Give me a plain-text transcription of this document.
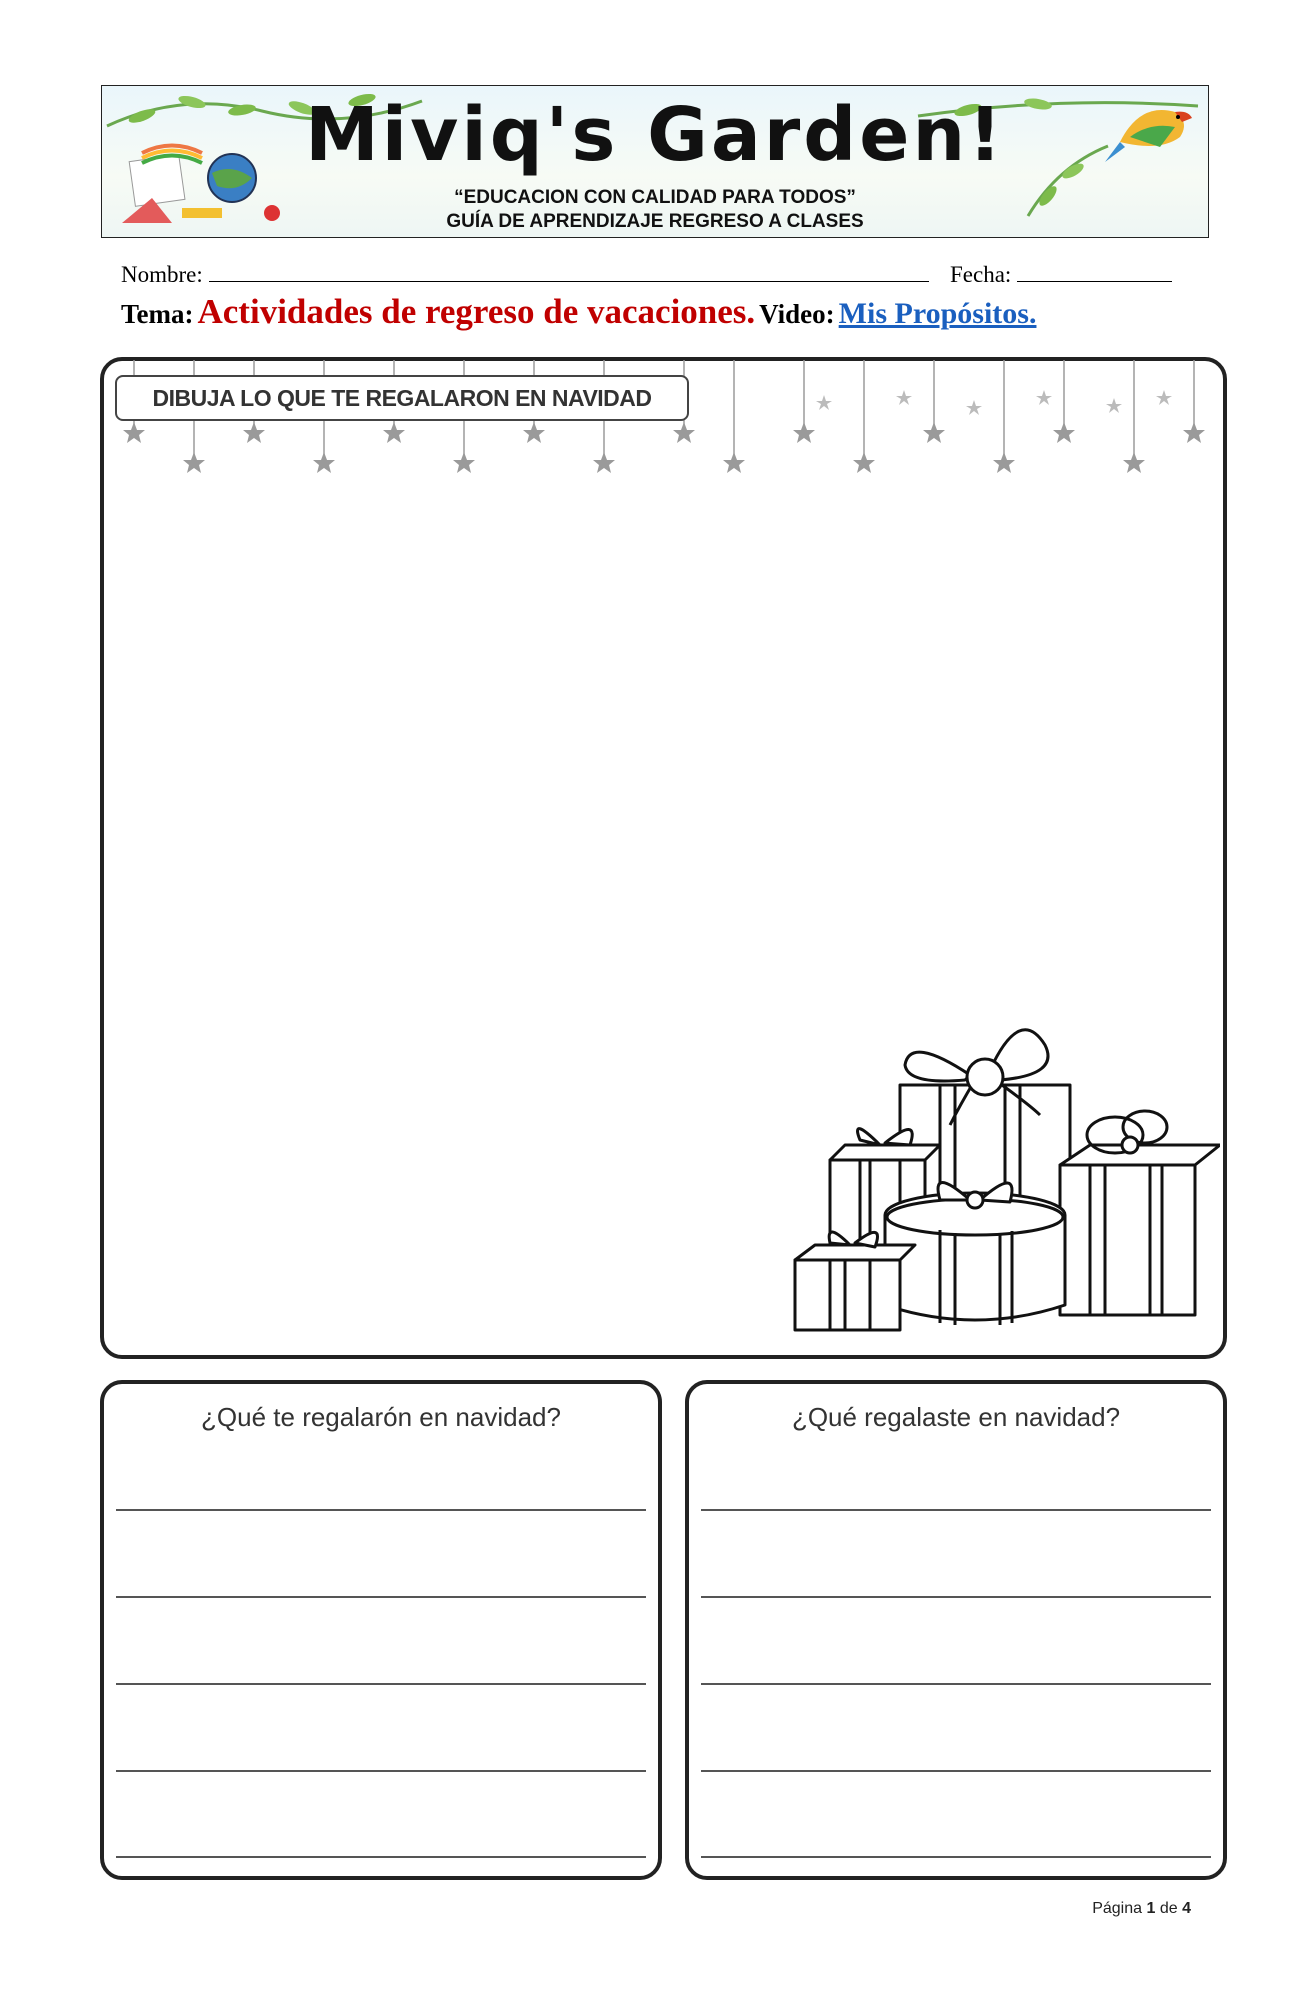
Miviq's Garden!
“EDUCACION CON CALIDAD PARA TODOS”
GUÍA DE APRENDIZAJE REGRESO A CLASES
Nombre:	Fecha:
Tema: Actividades de regreso de vacaciones. Video: Mis Propósitos.
DIBUJA LO QUE TE REGALARON EN NAVIDAD
¿Qué te regalarón en navidad?	¿Qué regalaste en navidad?
Página 1 de 4
